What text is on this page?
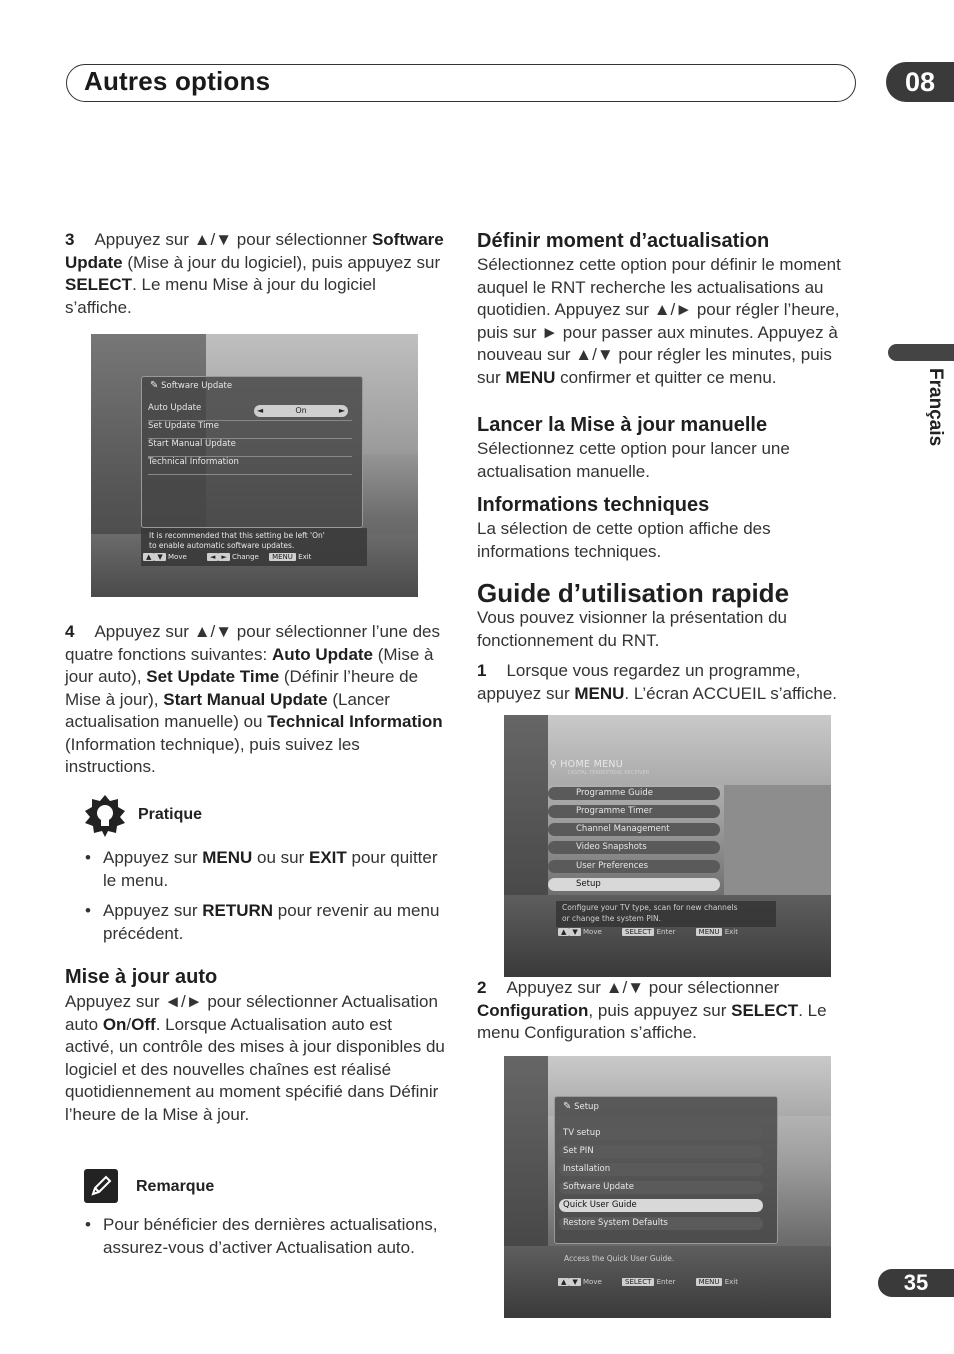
Autres options	08
Français
3 Appuyez sur ▲/▼ pour sélectionner Software Update (Mise à jour du logiciel), puis appuyez sur SELECT. Le menu Mise à jour du logiciel s’affiche.
✎ Software Update
Auto Update	◄	On	►
Set Update Time
Start Manual Update
Technical Information
It is recommended that this setting be left 'On'
to enable automatic software updates.
▲ ▼ Move	◄ ► Change MENU Exit
4 Appuyez sur ▲/▼ pour sélectionner l’une des quatre fonctions suivantes: Auto Update (Mise à jour auto), Set Update Time (Définir l’heure de Mise à jour), Start Manual Update (Lancer actualisation manuelle) ou Technical Information (Information technique), puis suivez les instructions.
Pratique
• Appuyez sur MENU ou sur EXIT pour quitter le menu.
• Appuyez sur RETURN pour revenir au menu précédent.
Mise à jour auto
Appuyez sur ◄/► pour sélectionner Actualisation auto On/Off. Lorsque Actualisation auto est activé, un contrôle des mises à jour disponibles du logiciel et des nouvelles chaînes est réalisé quotidiennement au moment spécifié dans Définir l’heure de la Mise à jour.
Remarque
• Pour bénéficier des dernières actualisations, assurez-vous d’activer Actualisation auto.
Définir moment d’actualisation
Sélectionnez cette option pour définir le moment auquel le RNT recherche les actualisations au quotidien. Appuyez sur ▲/► pour régler l’heure, puis sur ► pour passer aux minutes. Appuyez à nouveau sur ▲/▼ pour régler les minutes, puis sur MENU confirmer et quitter ce menu.
Lancer la Mise à jour manuelle
Sélectionnez cette option pour lancer une actualisation manuelle.
Informations techniques
La sélection de cette option affiche des informations techniques.
Guide d’utilisation rapide
Vous pouvez visionner la présentation du fonctionnement du RNT.
1 Lorsque vous regardez un programme, appuyez sur MENU. L’écran ACCUEIL s’affiche.
⚲ HOME MENU
DIGITAL TERRESTRIAL RECEIVER
Programme Guide
Programme Timer
Channel Management
Video Snapshots
User Preferences
Setup
Configure your TV type, scan for new channels
or change the system PIN.
▲ ▼ Move	SELECT Enter	MENU Exit
2 Appuyez sur ▲/▼ pour sélectionner Configuration, puis appuyez sur SELECT. Le menu Configuration s’affiche.
✎ Setup
TV setup
Set PIN
Installation
Software Update
Quick User Guide
Restore System Defaults
Access the Quick User Guide.
▲ ▼ Move	SELECT Enter	MENU Exit	35
